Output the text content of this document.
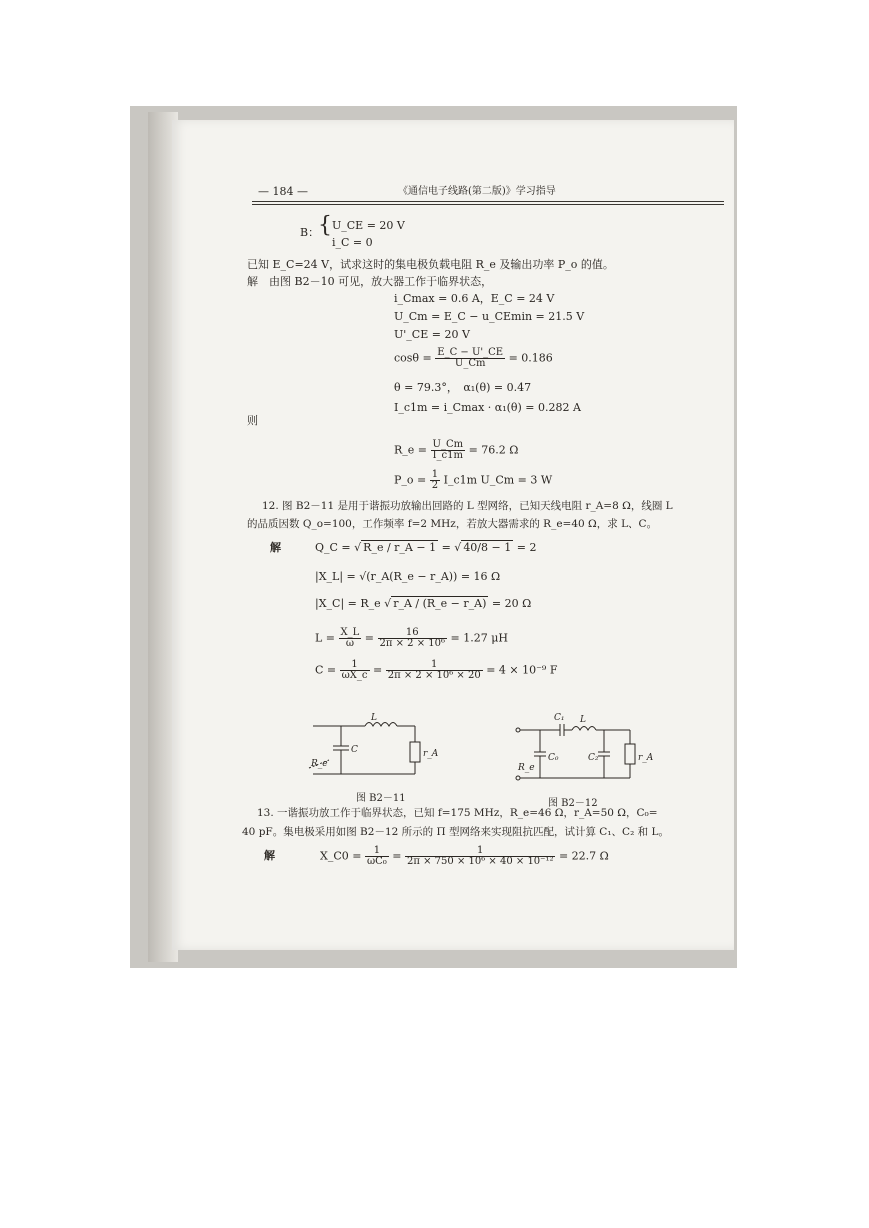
— 184 —	《通信电子线路(第二版)》学习指导
B：
{ U_CE = 20 V
i_C = 0
已知 E_C=24 V，试求这时的集电极负载电阻 R_e 及输出功率 P_o 的值。
解　由图 B2－10 可见，放大器工作于临界状态，
i_Cmax = 0.6 A，E_C = 24 V
U_Cm = E_C − u_CEmin = 21.5 V
U'_CE = 20 V
$\cos\theta = \frac{E\_C - U'\_CE}{U\_Cm} = 0.186$
θ = 79.3°，　α₁(θ) = 0.47
I_c1m = i_Cmax · α₁(θ) = 0.282 A
则
R_e = $\frac{U\_Cm}{I\_c1m} = 76.2$ Ω
P_o = $\frac{1}{2}$ I_c1m U_Cm = 3 W
12. 图 B2－11 是用于谐振功放输出回路的 L 型网络，已知天线电阻 r_A=8 Ω，线圈 L
的品质因数 Q_o=100，工作频率 f=2 MHz，若放大器需求的 R_e=40 Ω，求 L、C。
解	Q_C = √ R_e / r_A − 1 = √ 40/8 − 1 = 2
|X_L| = √(r_A(R_e − r_A)) = 16 Ω
|X_C| = R_e √ r_A / (R_e − r_A) = 20 Ω
$L = \frac{X\_L}{\omega} = \frac{16}{\text{2π × 2 × 10⁶}} = 1.27$ μH
$C = \frac{1}{\omega X\_c} = \frac{1}{\text{2π × 2 × 10⁶ × 20}} = 4 \times 10^{-9}$ F
L
C	r_A
R_e
图 B2－11
C₁ L
C₀	C₂	r_A
R_e
图 B2－12
13. 一谐振功放工作于临界状态，已知 f=175 MHz，R_e=46 Ω，r_A=50 Ω，C₀=
40 pF。集电极采用如图 B2－12 所示的 Π 型网络来实现阻抗匹配，试计算 C₁、C₂ 和 L。
解	X_C0 = $\frac{1}{\text{ωC₀}} = \frac{1}{\text{2π × 750 × 10⁶ × 40 × 10⁻¹²}} = 22.7$ Ω
